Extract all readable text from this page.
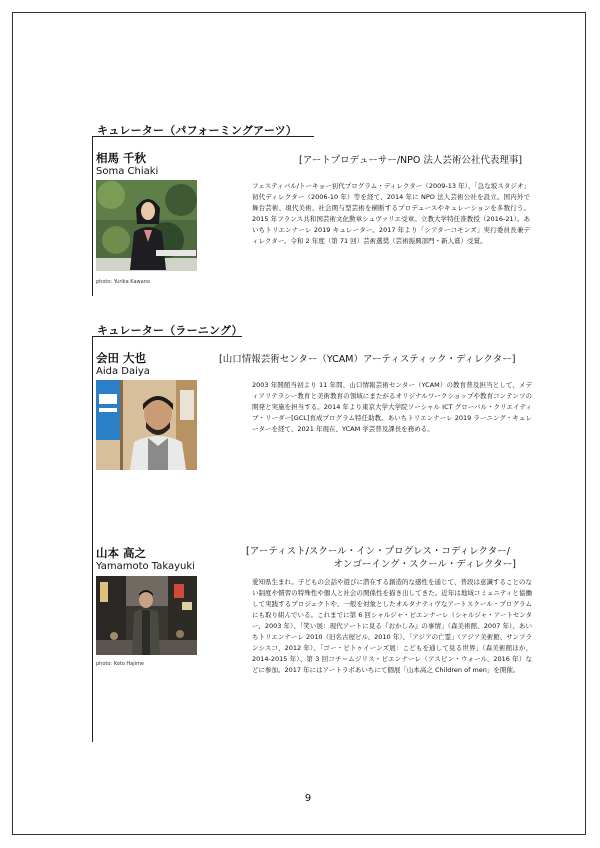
キュレーター（パフォーミングアーツ）
相馬 千秋
Soma Chiaki
[アートプロデューサー/NPO 法人芸術公社代表理事]
photo: Yurika Kawano
フェスティバル/トーキョー初代プログラム・ディレクター（2009-13 年）、「急な坂スタジオ」初代ディレクター（2006-10 年）等を経て、2014 年に NPO 法人芸術公社を設立。国内外で舞台芸術、現代美術、社会関与型芸術を横断するプロデュースやキュレーションを多数行う。2015 年フランス共和国芸術文化勲章シュヴァリエ受章。立教大学特任准教授（2016-21）。あいちトリエンナーレ 2019 キュレーター。2017 年より「シアターコモンズ」実行委員長兼ディレクター。令和 2 年度（第 71 回）芸術選奨（芸術振興部門・新人賞）受賞。
キュレーター（ラーニング）
会田 大也
Aida Daiya
[山口情報芸術センター（YCAM）アーティスティック・ディレクター]
2003 年開館当初より 11 年間、山口情報芸術センター（YCAM）の教育普及担当として、メディアリテラシー教育と美術教育の領域にまたがるオリジナルワークショップや教育コンテンツの開発と実施を担当する。2014 年より東京大学大学院ソーシャル ICT グローバル・クリエイティブ・リーダー[GCL]育成プログラム特任助教。あいちトリエンナーレ 2019 ラーニング・キュレーターを経て、2021 年現在、YCAM 学芸普及課長を務める。
山本 高之
Yamamoto Takayuki
[アーティスト/スクール・イン・プログレス・コディレクター/
オンゴーイング・スクール・ディレクター]
photo: Koto Hajime
愛知県生まれ。子どもの会話や遊びに潜在する創造的な感性を通じて、普段は意識することのない制度や慣習の特殊性や個人と社会の関係性を描き出してきた。近年は地域コミュニティと協働して実践するプロジェクトや、一般を対象としたオルタナティヴなアートスクール・プログラムにも取り組んでいる。これまでに第 6 回シャルジャ・ビエンナーレ（シャルジャ・アートセンター、2003 年）、「笑い展：現代アートに見る『おかしみ』の事情」（森美術館、2007 年）、あいちトリエンナーレ 2010（旧名古屋ビル、2010 年）、「アジアの亡霊」（アジア美術館、サンフランシスコ、2012 年）、「ゴー・ビトゥイーンズ展：こどもを通して見る世界」（森美術館ほか、2014-2015 年）、第 3 回コチ＝ムジリス・ビエンナーレ（アスピン・ウォール、2016 年）などに参加。2017 年にはアートラボあいちにて個展「山本高之 Children of men」を開催。
9
